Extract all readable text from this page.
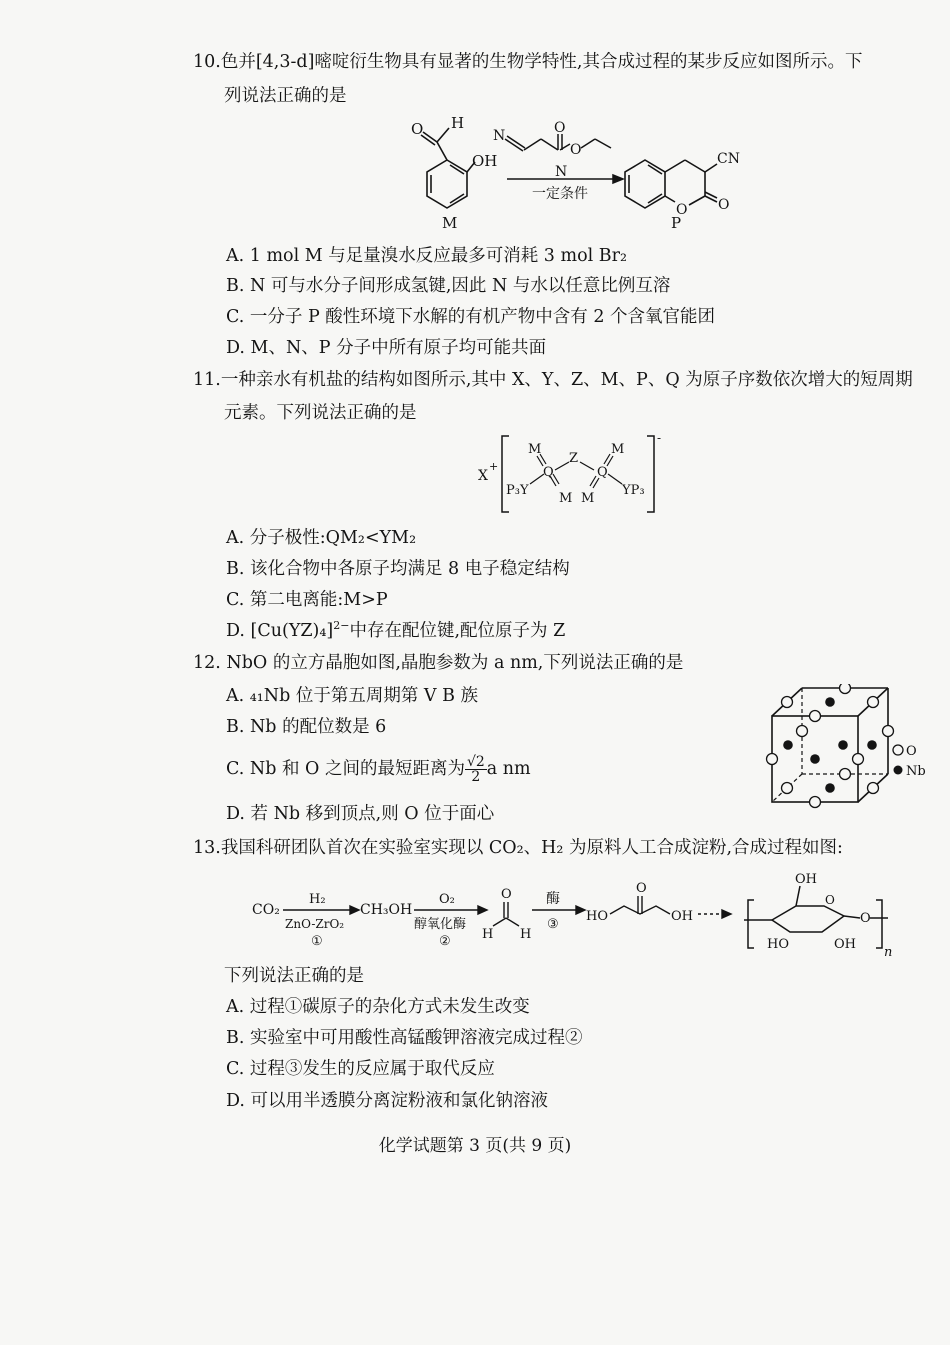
10.色并[4,3-d]嘧啶衍生物具有显著的生物学特性,其合成过程的某步反应如图所示。下
列说法正确的是
O H
OH
M
N	O
O
N
一定条件
CN
O O
P
A. 1 mol M 与足量溴水反应最多可消耗 3 mol Br₂
B. N 可与水分子间形成氢键,因此 N 与水以任意比例互溶
C. 一分子 P 酸性环境下水解的有机产物中含有 2 个含氧官能团
D. M、N、P 分子中所有原子均可能共面
11.一种亲水有机盐的结构如图所示,其中 X、Y、Z、M、P、Q 为原子序数依次增大的短周期
元素。下列说法正确的是
X
+
-
M	M
Q	Q
Z
M M
P₃Y	YP₃
A. 分子极性:QM₂<YM₂
B. 该化合物中各原子均满足 8 电子稳定结构
C. 第二电离能:M>P
D. $[Cu(YZ)_4]^{2-}$中存在配位键,配位原子为 Z
12. NbO 的立方晶胞如图,晶胞参数为 a nm,下列说法正确的是
A. ₄₁Nb 位于第五周期第 V B 族
B. Nb 的配位数是 6
C. Nb 和 O 之间的最短距离为 $\frac{√2}{2}$ a nm
D. 若 Nb 移到顶点,则 O 位于面心
O
Nb
13.我国科研团队首次在实验室实现以 CO₂、H₂ 为原料人工合成淀粉,合成过程如图:
CO₂
H₂
ZnO-ZrO₂
①
CH₃OH
O₂
醇氧化酶
②
O
H H
酶
③
HO
O
OH
OH
O
HO	OH
O
n
下列说法正确的是
A. 过程①碳原子的杂化方式未发生改变
B. 实验室中可用酸性高锰酸钾溶液完成过程②
C. 过程③发生的反应属于取代反应
D. 可以用半透膜分离淀粉液和氯化钠溶液
化学试题第 3 页(共 9 页)
